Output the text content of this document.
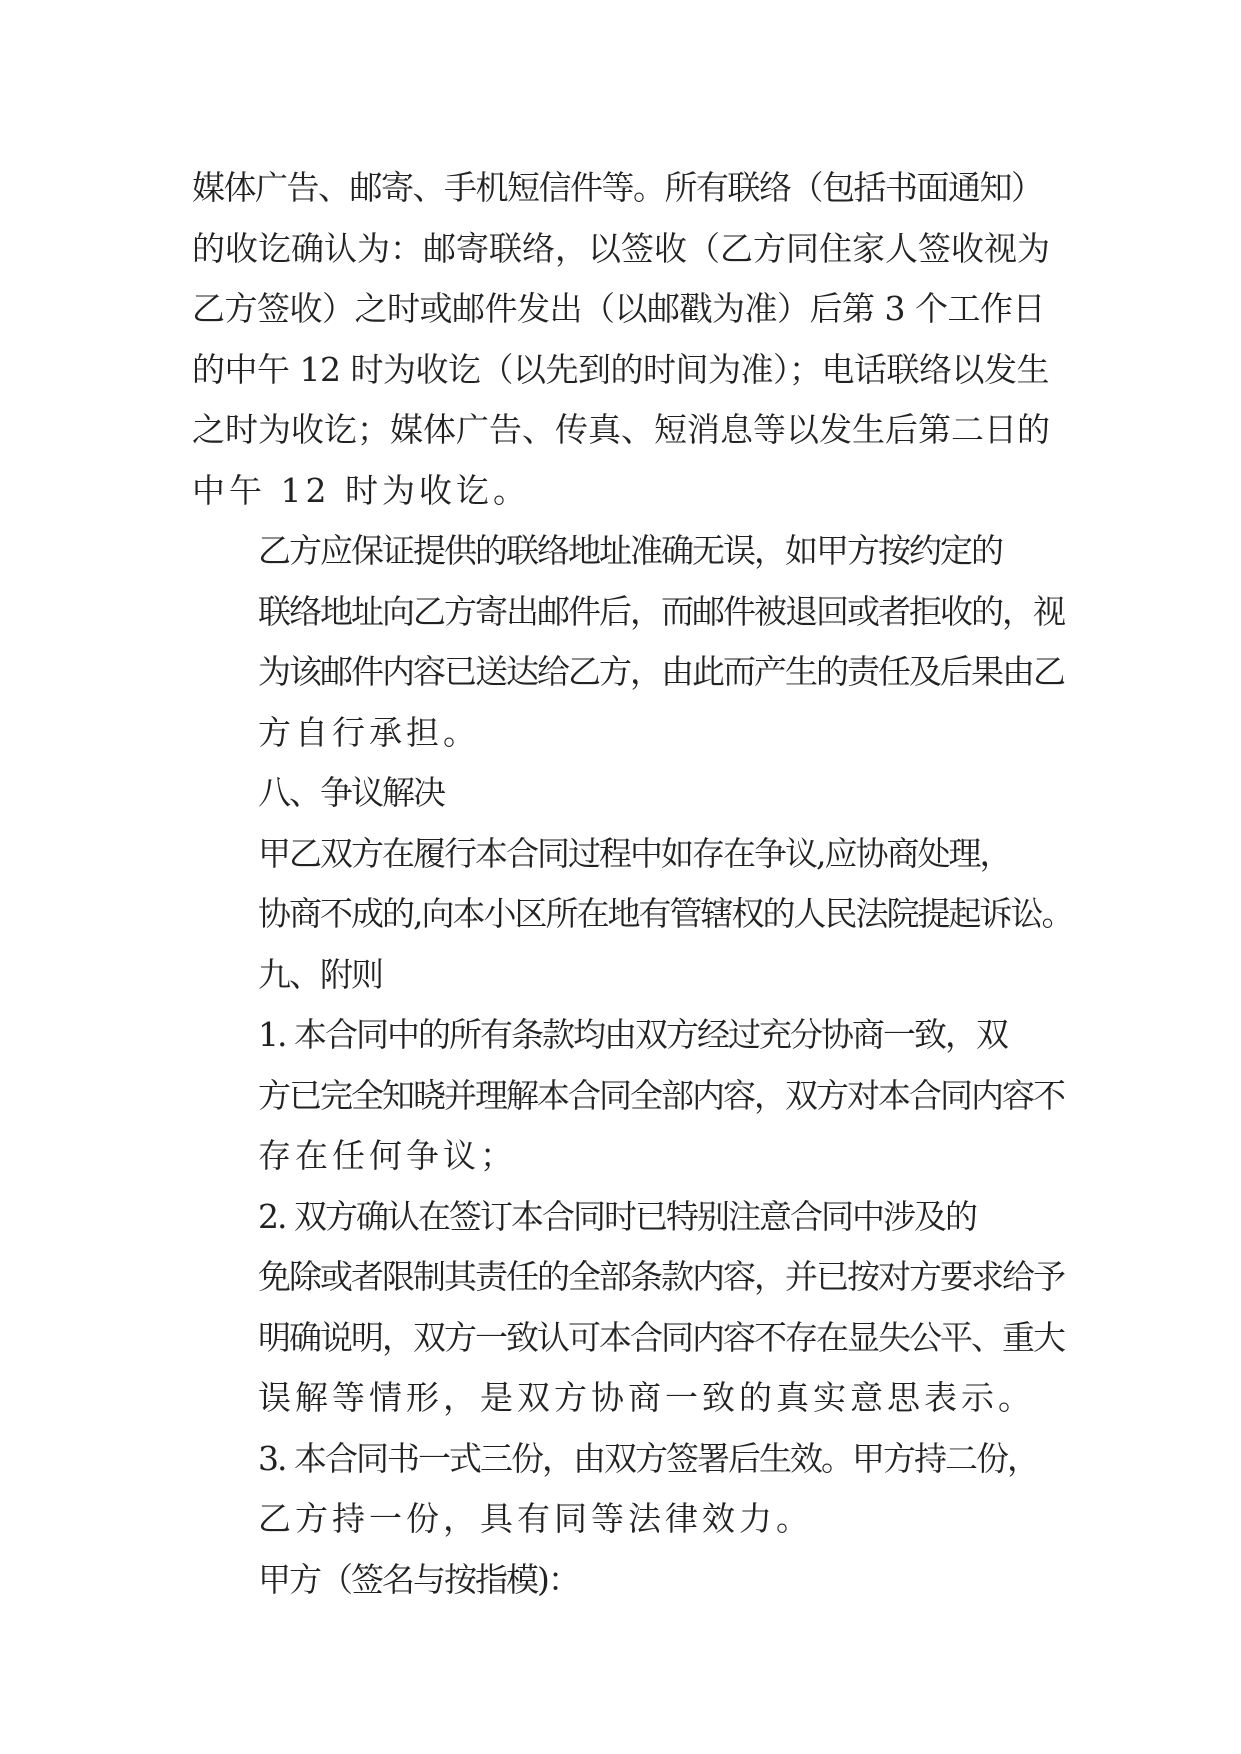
媒体广告、邮寄、手机短信件等。所有联络（包括书面通知）
的收讫确认为：邮寄联络，以签收（乙方同住家人签收视为
乙方签收）之时或邮件发出（以邮戳为准）后第 3 个工作日
的中午 12 时为收讫（以先到的时间为准）；电话联络以发生
之时为收讫；媒体广告、传真、短消息等以发生后第二日的
中午 12 时为收讫。
乙方应保证提供的联络地址准确无误，如甲方按约定的
联络地址向乙方寄出邮件后，而邮件被退回或者拒收的，视
为该邮件内容已送达给乙方，由此而产生的责任及后果由乙
方自行承担。
八、争议解决
甲乙双方在履行本合同过程中如存在争议,应协商处理，
协商不成的,向本小区所在地有管辖权的人民法院提起诉讼。
九、附则
1. 本合同中的所有条款均由双方经过充分协商一致，双
方已完全知晓并理解本合同全部内容，双方对本合同内容不
存在任何争议；
2. 双方确认在签订本合同时已特别注意合同中涉及的
免除或者限制其责任的全部条款内容，并已按对方要求给予
明确说明，双方一致认可本合同内容不存在显失公平、重大
误解等情形，是双方协商一致的真实意思表示。
3. 本合同书一式三份，由双方签署后生效。甲方持二份，
乙方持一份，具有同等法律效力。
甲方（签名与按指模)：
